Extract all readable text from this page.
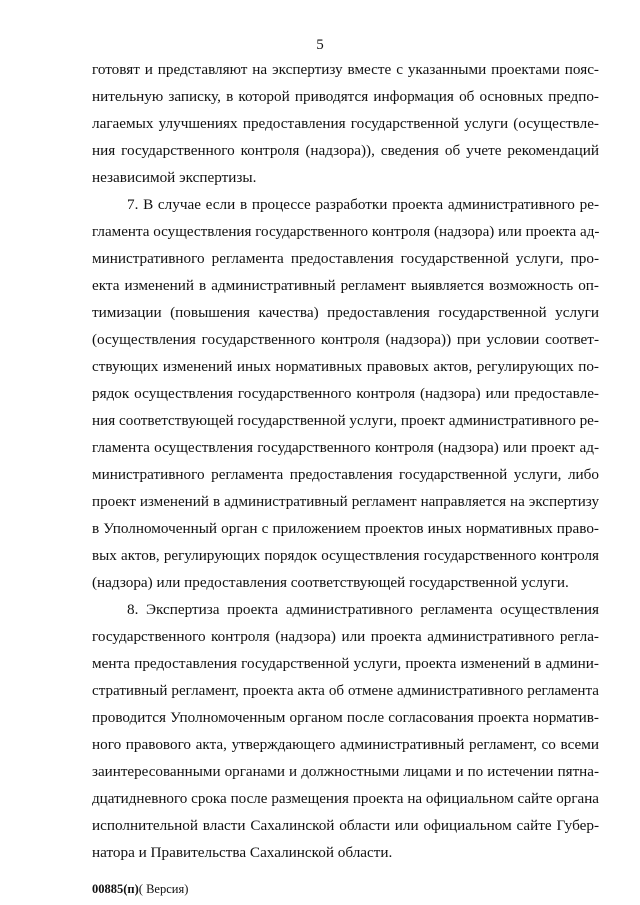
5
готовят и представляют на экспертизу вместе с указанными проектами пояс-
нительную записку, в которой приводятся информация об основных предпо-
лагаемых улучшениях предоставления государственной услуги (осуществле-
ния государственного контроля (надзора)), сведения об учете рекомендаций
независимой экспертизы.
7. В случае если в процессе разработки проекта административного ре-
гламента осуществления государственного контроля (надзора) или проекта ад-
министративного регламента предоставления государственной услуги, про-
екта изменений в административный регламент выявляется возможность оп-
тимизации (повышения качества) предоставления государственной услуги
(осуществления государственного контроля (надзора)) при условии соответ-
ствующих изменений иных нормативных правовых актов, регулирующих по-
рядок осуществления государственного контроля (надзора) или предоставле-
ния соответствующей государственной услуги, проект административного ре-
гламента осуществления государственного контроля (надзора) или проект ад-
министративного регламента предоставления государственной услуги, либо
проект изменений в административный регламент направляется на экспертизу
в Уполномоченный орган с приложением проектов иных нормативных право-
вых актов, регулирующих порядок осуществления государственного контроля
(надзора) или предоставления соответствующей государственной услуги.
8. Экспертиза проекта административного регламента осуществления
государственного контроля (надзора) или проекта административного регла-
мента предоставления государственной услуги, проекта изменений в админи-
стративный регламент, проекта акта об отмене административного регламента
проводится Уполномоченным органом после согласования проекта норматив-
ного правового акта, утверждающего административный регламент, со всеми
заинтересованными органами и должностными лицами и по истечении пятна-
дцатидневного срока после размещения проекта на официальном сайте органа
исполнительной власти Сахалинской области или официальном сайте Губер-
натора и Правительства Сахалинской области.
00885(п)( Версия)
